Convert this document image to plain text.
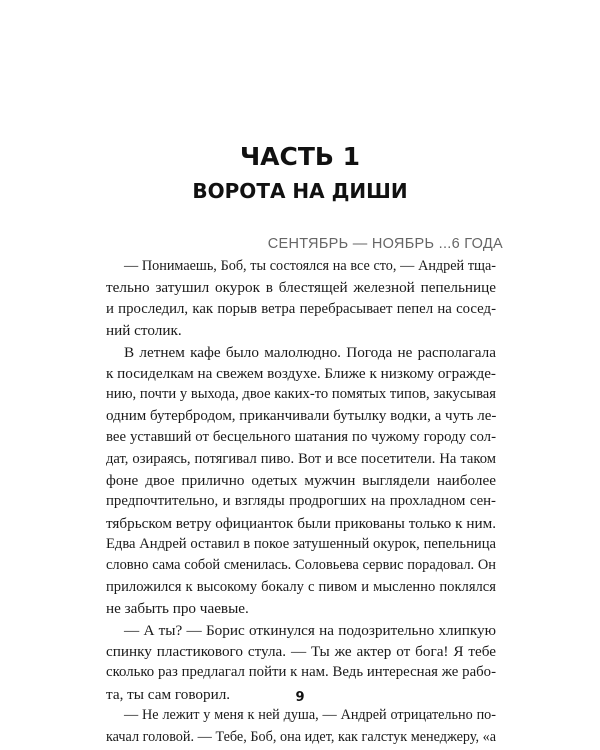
ЧАСТЬ 1
ВОРОТА НА ДИШИ
СЕНТЯБРЬ — НОЯБРЬ ...6 ГОДА
— Понимаешь, Боб, ты состоялся на все сто, — Андрей тща-
тельно затушил окурок в блестящей железной пепельнице
и проследил, как порыв ветра перебрасывает пепел на сосед-
ний столик.
В летнем кафе было малолюдно. Погода не располагала
к посиделкам на свежем воздухе. Ближе к низкому огражде-
нию, почти у выхода, двое каких-то помятых типов, закусывая
одним бутербродом, приканчивали бутылку водки, а чуть ле-
вее уставший от бесцельного шатания по чужому городу сол-
дат, озираясь, потягивал пиво. Вот и все посетители. На таком
фоне двое прилично одетых мужчин выглядели наиболее
предпочтительно, и взгляды продрогших на прохладном сен-
тябрьском ветру официанток были прикованы только к ним.
Едва Андрей оставил в покое затушенный окурок, пепельница
словно сама собой сменилась. Соловьева сервис порадовал. Он
приложился к высокому бокалу с пивом и мысленно поклялся
не забыть про чаевые.
— А ты? — Борис откинулся на подозрительно хлипкую
спинку пластикового стула. — Ты же актер от бога! Я тебе
сколько раз предлагал пойти к нам. Ведь интересная же рабо-
та, ты сам говорил.
— Не лежит у меня к ней душа, — Андрей отрицательно по-
качал головой. — Тебе, Боб, она идет, как галстук менеджеру, «а
9
